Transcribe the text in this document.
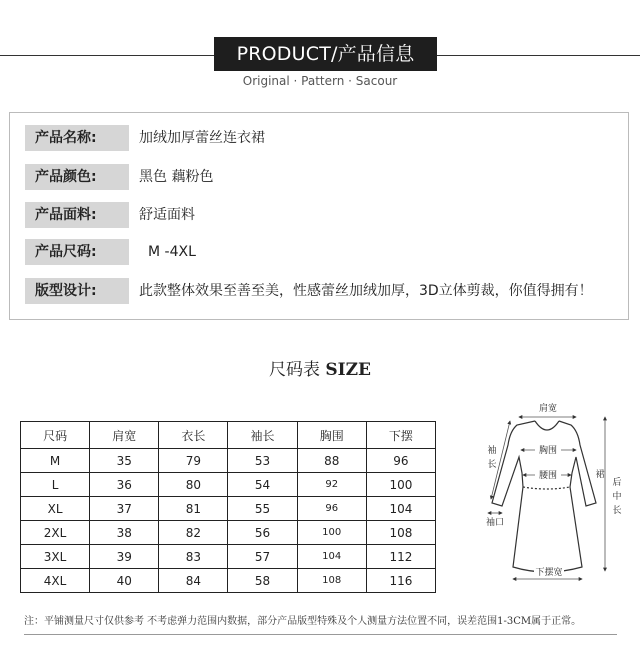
PRODUCT/产品信息
Original · Pattern · Sacour
产品名称:	加绒加厚蕾丝连衣裙
产品颜色:	黑色 藕粉色
产品面料:	舒适面料
产品尺码:	M -4XL
版型设计:	此款整体效果至善至美，性感蕾丝加绒加厚，3D立体剪裁，你值得拥有！
尺码表 SIZE
尺码	肩宽	衣长	袖长	胸围	下摆
M	35	79	53	88	96
L	36	80	54	92	100
XL	37	81	55	96	104
2XL	38	82	56	100	108
3XL	39	83	57	104	112
4XL	40	84	58	108	116
肩宽
胸围
腰围
袖
长
袖口
后
中
长
裙
下摆宽
注：平铺测量尺寸仅供参考 不考虑弹力范围内数据，部分产品版型特殊及个人测量方法位置不同，误差范围1-3CM属于正常。
